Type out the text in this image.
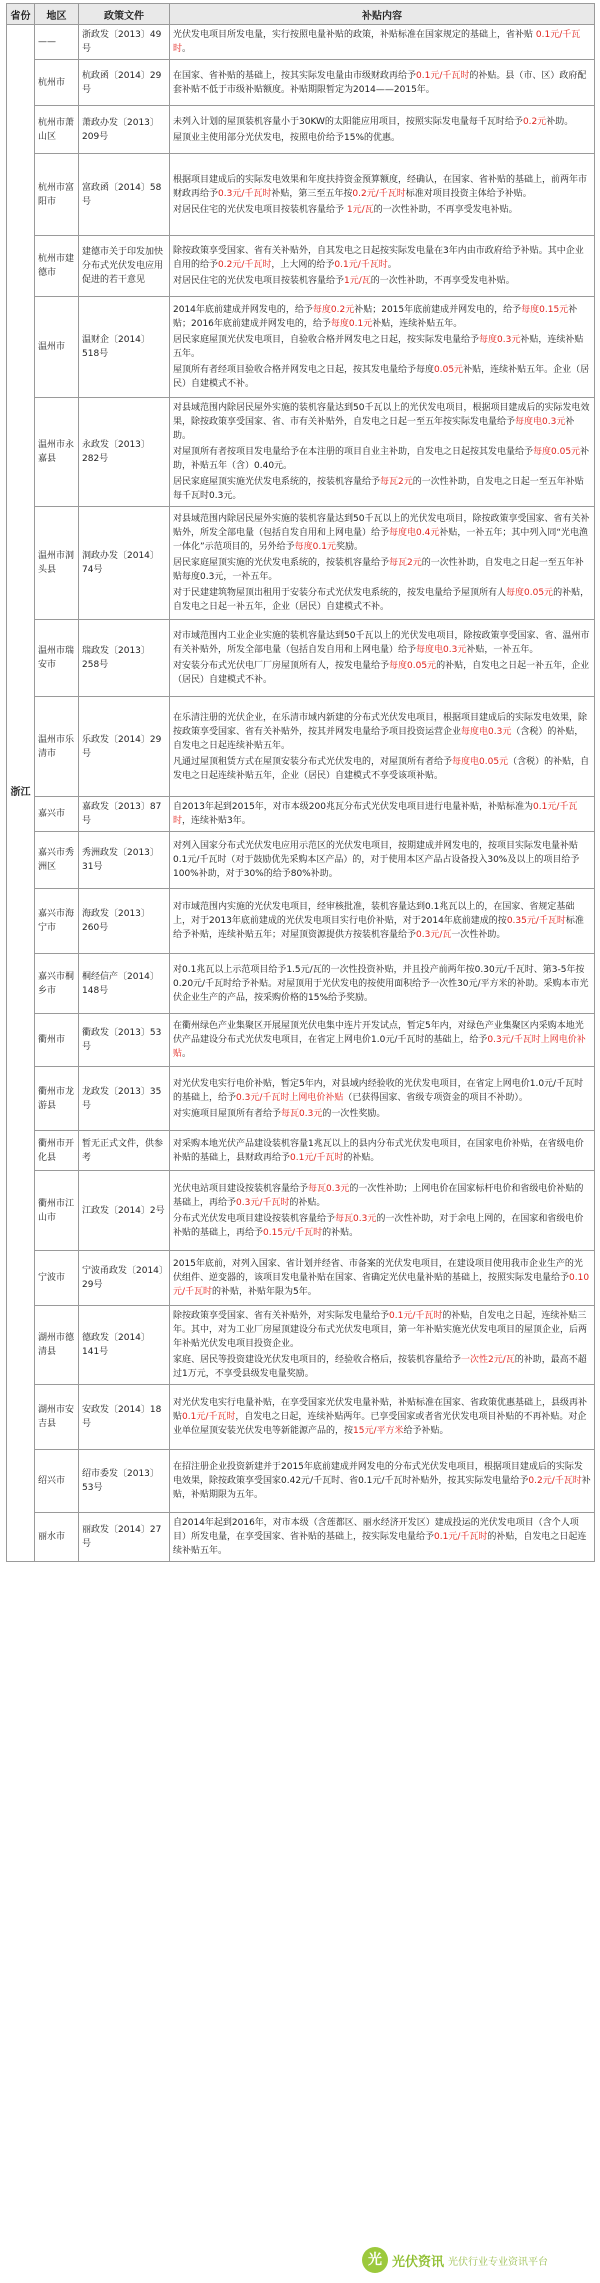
省份	地区	政策文件	补贴内容
浙江	——	浙政发〔2013〕49号	光伏发电项目所发电量，实行按照电量补贴的政策，补贴标准在国家规定的基础上，省补贴 0.1元/千瓦时。

	杭州市	杭政函〔2014〕29号	在国家、省补贴的基础上，按其实际发电量由市级财政再给予0.1元/千瓦时的补贴。县（市、区）政府配套补贴不低于市级补贴额度。补贴期限暂定为2014——2015年。

	杭州市萧山区	萧政办发〔2013〕209号	未列入计划的屋顶装机容量小于30KW的太阳能应用项目，按照实际发电量每千瓦时给予0.2元补助。

屋顶业主使用部分光伏发电，按照电价给予15%的优惠。

	杭州市富阳市	富政函〔2014〕58号	根据项目建成后的实际发电效果和年度扶持资金预算额度，经确认，在国家、省补贴的基础上，前两年市财政再给予0.3元/千瓦时补贴，第三至五年按0.2元/千瓦时标准对项目投资主体给予补贴。

对居民住宅的光伏发电项目按装机容量给予 1元/瓦的一次性补助，不再享受发电补贴。

	杭州市建德市	建德市关于印发加快分布式光伏发电应用促进的若干意见	除按政策享受国家、省有关补贴外，自其发电之日起按实际发电量在3年内由市政府给予补贴。其中企业自用的给予0.2元/千瓦时，上大网的给予0.1元/千瓦时。

对居民住宅的光伏发电项目按装机容量给予1元/瓦的一次性补助，不再享受发电补贴。

	温州市	温财企〔2014〕518号	2014年底前建成并网发电的，给予每度0.2元补贴；2015年底前建成并网发电的，给予每度0.15元补贴；2016年底前建成并网发电的，给予每度0.1元补贴，连续补贴五年。

居民家庭屋顶光伏发电项目，自验收合格并网发电之日起，按实际发电量给予每度0.3元补贴，连续补贴五年。

屋顶所有者经项目验收合格并网发电之日起，按其发电量给予每度0.05元补贴，连续补贴五年。企业（居民）自建模式不补。

	温州市永嘉县	永政发〔2013〕282号	对县域范围内除居民屋外实施的装机容量达到50千瓦以上的光伏发电项目，根据项目建成后的实际发电效果，除按政策享受国家、省、市有关补贴外，自发电之日起一至五年按实际发电量给予每度电0.3元补助。

对屋顶所有者按项目发电量给予在本注册的项目自业主补助，自发电之日起按其发电量给予每度0.05元补助，补贴五年（含）0.40元。

居民家庭屋顶实施光伏发电系统的，按装机容量给予每瓦2元的一次性补助，自发电之日起一至五年补贴每千瓦时0.3元。

	温州市洞头县	洞政办发〔2014〕74号	对县域范围内除居民屋外实施的装机容量达到50千瓦以上的光伏发电项目，除按政策享受国家、省有关补贴外，所发全部电量（包括自发自用和上网电量）给予每度电0.4元补贴，一补五年；其中列入同“光电渔一体化”示范项目的，另外给予每度0.1元奖励。

居民家庭屋顶实施的光伏发电系统的，按装机容量给予每瓦2元的一次性补助，自发电之日起一至五年补贴每度0.3元，一补五年。

对于民建建筑物屋顶出租用于安装分布式光伏发电系统的，按发电量给予屋顶所有人每度0.05元的补贴，自发电之日起一补五年，企业（居民）自建模式不补。

	温州市瑞安市	瑞政发〔2013〕258号	对市域范围内工业企业实施的装机容量达到50千瓦以上的光伏发电项目，除按政策享受国家、省、温州市有关补贴外，所发全部电量（包括自发自用和上网电量）给予每度电0.3元补贴，一补五年。

对安装分布式光伏电厂厂房屋顶所有人，按发电量给予每度0.05元的补贴，自发电之日起一补五年，企业（居民）自建模式不补。

	温州市乐清市	乐政发〔2014〕29号	在乐清注册的光伏企业，在乐清市域内新建的分布式光伏发电项目，根据项目建成后的实际发电效果，除按政策享受国家、省有关补贴外，按其并网发电量给予项目投资运营企业每度电0.3元（含税）的补贴，自发电之日起连续补贴五年。

凡通过屋顶租赁方式在屋顶安装分布式光伏发电的，对屋顶所有者给予每度电0.05元（含税）的补贴，自发电之日起连续补贴五年，企业（居民）自建模式不享受该项补贴。

	嘉兴市	嘉政发〔2013〕87号	自2013年起到2015年，对市本级200兆瓦分布式光伏发电项目进行电量补贴，补贴标准为0.1元/千瓦时，连续补贴3年。

	嘉兴市秀洲区	秀洲政发〔2013〕31号	对列入国家分布式光伏发电应用示范区的光伏发电项目，按期建成并网发电的，按项目实际发电量补贴0.1元/千瓦时（对于鼓励优先采购本区产品）的，对于使用本区产品占设备投入30%及以上的项目给予100%补助，对于30%的给予80%补助。

	嘉兴市海宁市	海政发〔2013〕260号	对市域范围内实施的光伏发电项目，经审核批准，装机容量达到0.1兆瓦以上的，在国家、省规定基础上，对于2013年底前建成的光伏发电项目实行电价补贴，对于2014年底前建成的按0.35元/千瓦时标准给予补贴，连续补贴五年；对屋顶资源提供方按装机容量给予0.3元/瓦一次性补助。

	嘉兴市桐乡市	桐经信产〔2014〕148号	对0.1兆瓦以上示范项目给予1.5元/瓦的一次性投资补贴，并且投产前两年按0.30元/千瓦时、第3-5年按0.20元/千瓦时给予补贴。对屋顶用于光伏发电的按使用面积给予一次性30元/平方米的补助。采购本市光伏企业生产的产品，按采购价格的15%给予奖励。

	衢州市	衢政发〔2013〕53号	在衢州绿色产业集聚区开展屋顶光伏电集中连片开发试点，暂定5年内，对绿色产业集聚区内采购本地光伏产品建设分布式光伏发电项目，在省定上网电价1.0元/千瓦时的基础上，给予0.3元/千瓦时上网电价补贴。

	衢州市龙游县	龙政发〔2013〕35号	对光伏发电实行电价补贴，暂定5年内，对县域内经验收的光伏发电项目，在省定上网电价1.0元/千瓦时的基础上，给予0.3元/千瓦时上网电价补贴（已获得国家、省级专项资金的项目不补助）。

对实施项目屋顶所有者给予每瓦0.3元的一次性奖励。

	衢州市开化县	暂无正式文件，供参考	对采购本地光伏产品建设装机容量1兆瓦以上的县内分布式光伏发电项目，在国家电价补贴，在省级电价补贴的基础上，县财政再给予0.1元/千瓦时的补贴。

	衢州市江山市	江政发〔2014〕2号	光伏电站项目建设按装机容量给予每瓦0.3元的一次性补助；上网电价在国家标杆电价和省级电价补贴的基础上，再给予0.3元/千瓦时的补贴。

分布式光伏发电项目建设按装机容量给予每瓦0.3元的一次性补助，对于余电上网的，在国家和省级电价补贴的基础上，再给予0.15元/千瓦时的补贴。

	宁波市	宁波甬政发〔2014〕29号	2015年底前，对列入国家、省计划并经省、市备案的光伏发电项目，在建设项目使用我市企业生产的光伏组件、逆变器的，该项目发电量补贴在国家、省确定光伏电量补贴的基础上，按照实际发电量给予0.10元/千瓦时的补贴，补贴年限为5年。

	湖州市德清县	德政发〔2014〕141号	除按政策享受国家、省有关补贴外，对实际发电量给予0.1元/千瓦时的补贴，自发电之日起，连续补贴三年。其中，对为工业厂房屋顶建设分布式光伏发电项目，第一年补贴实施光伏发电项目的屋顶企业，后两年补贴光伏发电项目投资企业。

家庭、居民等投资建设光伏发电项目的，经验收合格后，按装机容量给予一次性2元/瓦的补助，最高不超过1万元，不享受县级发电量奖励。

	湖州市安吉县	安政发〔2014〕18号	对光伏发电实行电量补贴，在享受国家光伏发电量补贴，补贴标准在国家、省政策优惠基础上，县级再补贴0.1元/千瓦时，自发电之日起，连续补贴两年。已享受国家或者省光伏发电项目补贴的不再补贴。对企业单位屋顶安装光伏发电等新能源产品的，按15元/平方米给予补贴。

	绍兴市	绍市委发〔2013〕53号	在招注册企业投资新建并于2015年底前建成并网发电的分布式光伏发电项目，根据项目建成后的实际发电效果，除按政策享受国家0.42元/千瓦时、省0.1元/千瓦时补贴外，按其实际发电量给予0.2元/千瓦时补贴，补贴期限为五年。

	丽水市	丽政发〔2014〕27号	自2014年起到2016年，对市本级（含莲都区、丽水经济开发区）建成投运的光伏发电项目（含个人项目）所发电量，在享受国家、省补贴的基础上，按实际发电量给予0.1元/千瓦时的补贴，自发电之日起连续补贴五年。

光 光伏资讯 光伏行业专业资讯平台
